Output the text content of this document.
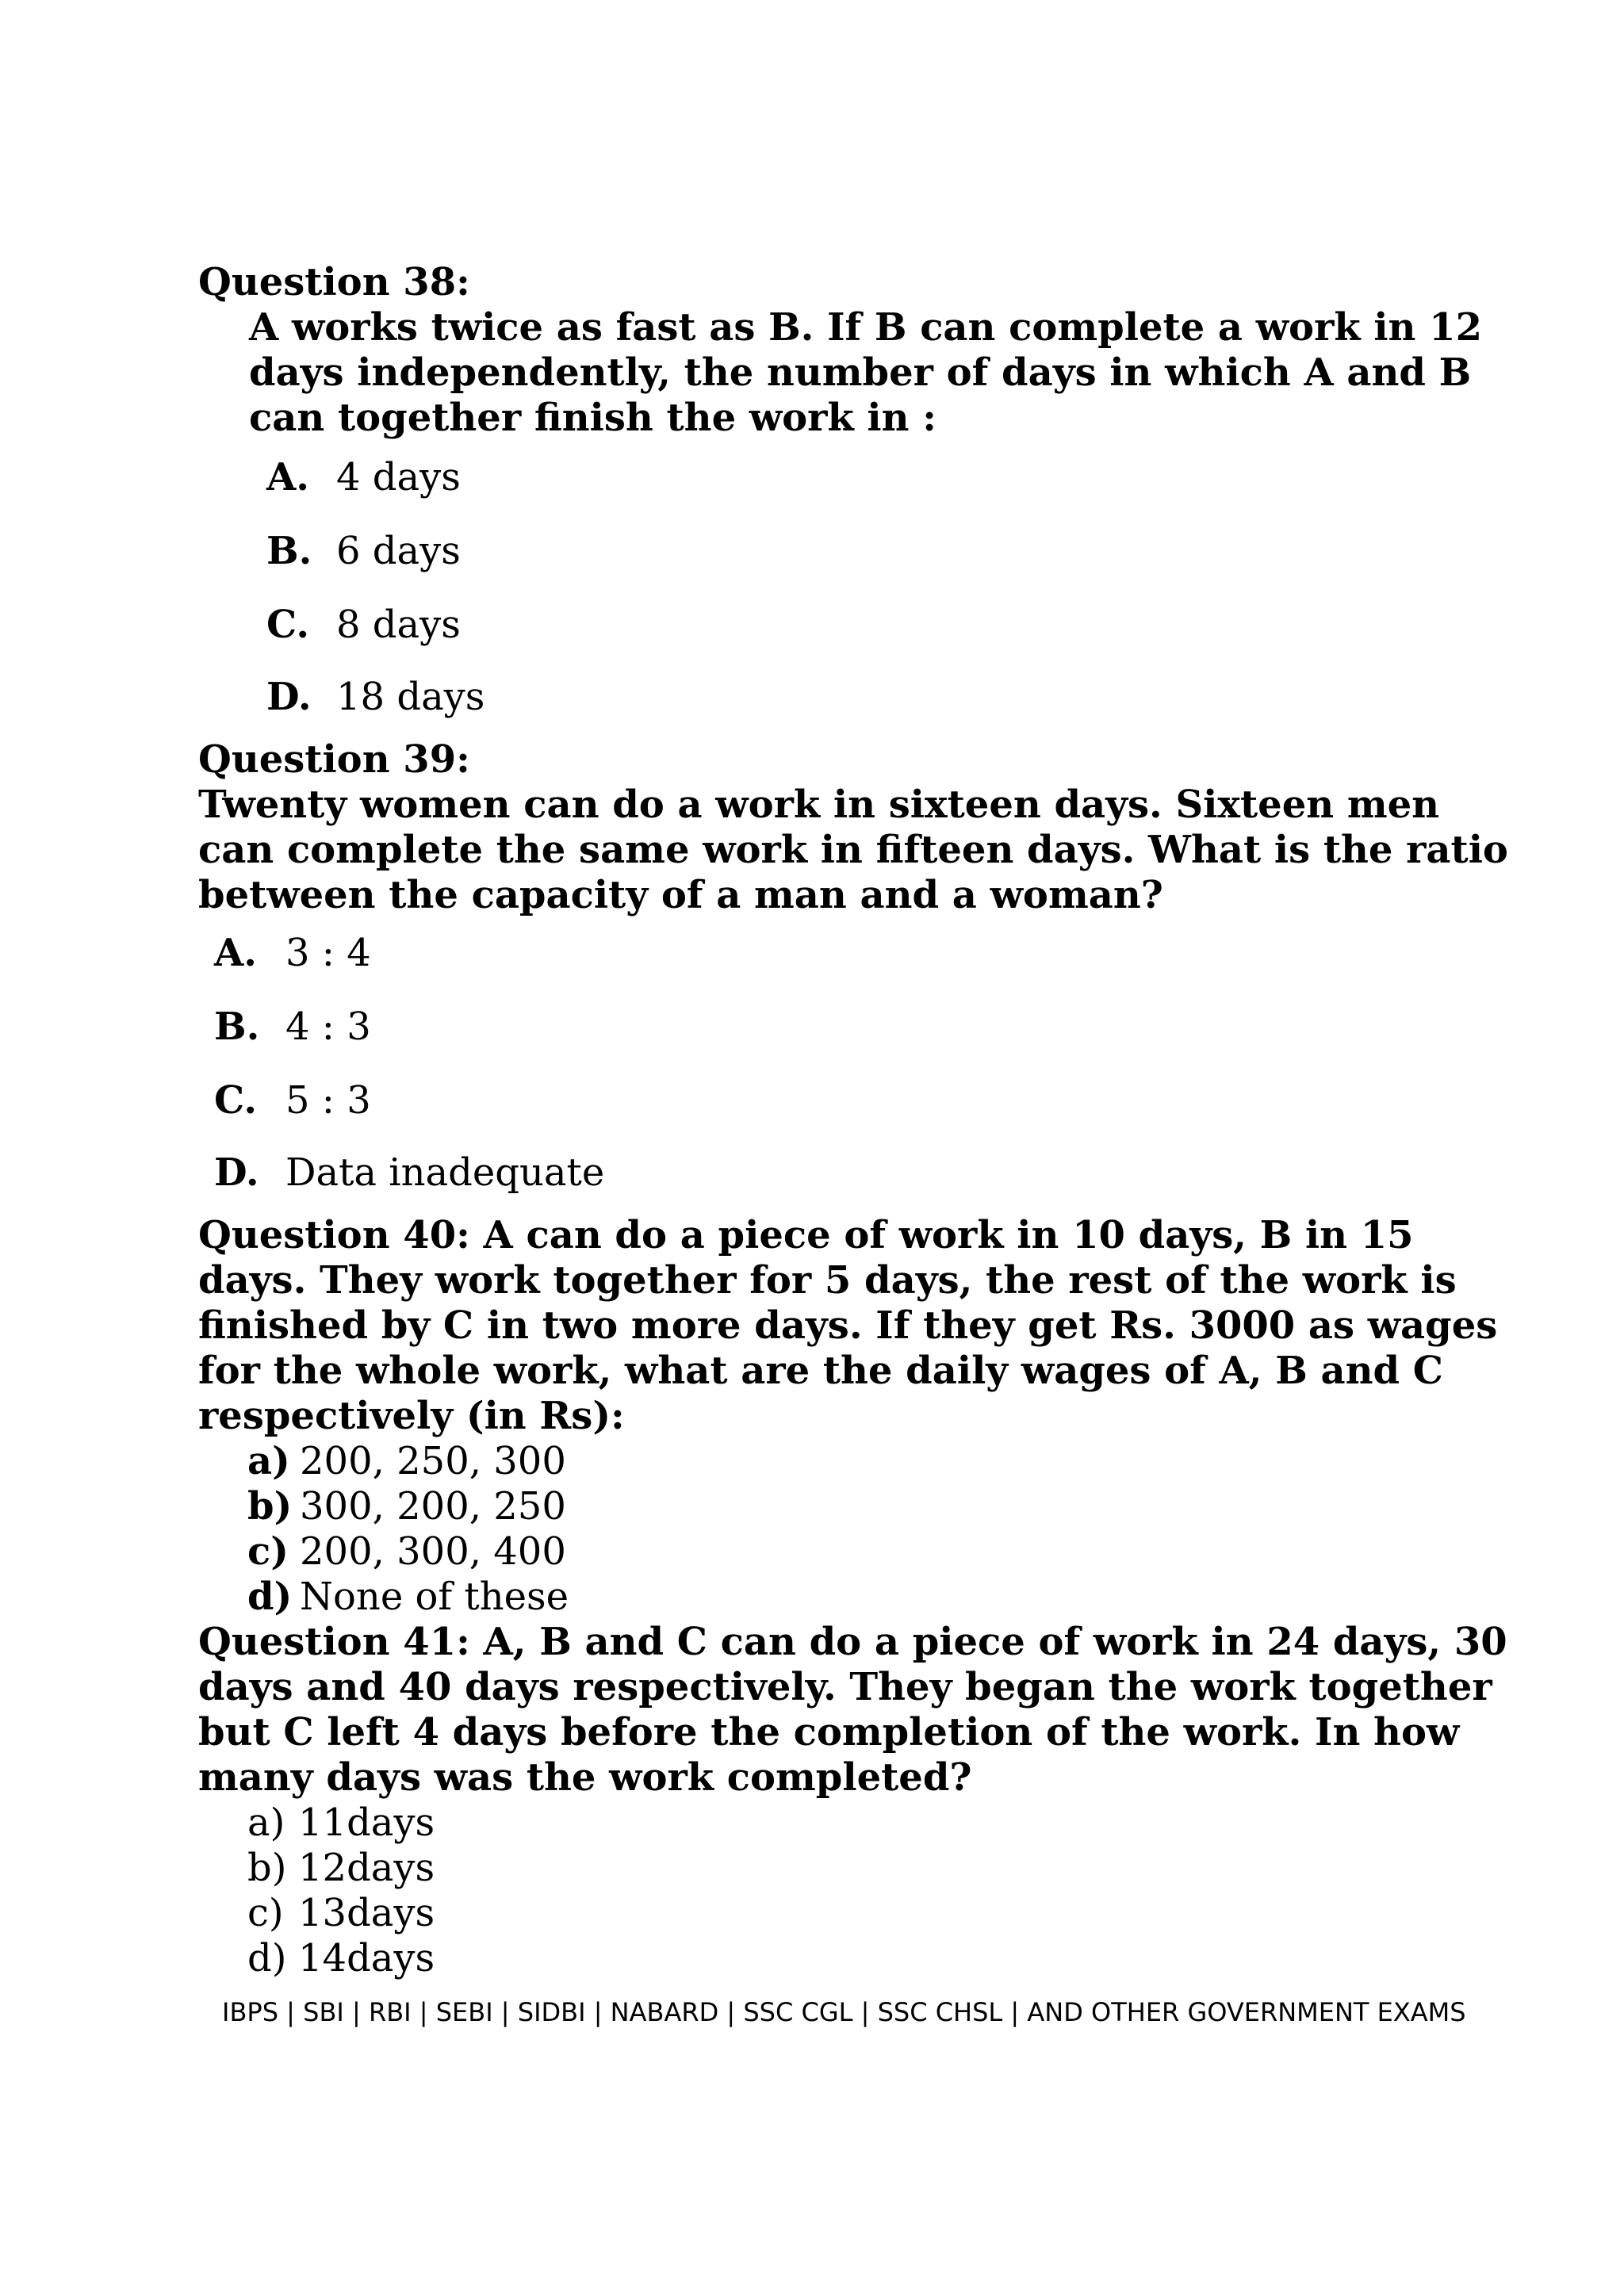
Question 38:
A works twice as fast as B. If B can complete a work in 12
days independently, the number of days in which A and B
can together finish the work in :
A. 4 days
B. 6 days
C. 8 days
D. 18 days
Question 39:
Twenty women can do a work in sixteen days. Sixteen men
can complete the same work in fifteen days. What is the ratio
between the capacity of a man and a woman?
A. 3 : 4
B. 4 : 3
C. 5 : 3
D. Data inadequate
Question 40: A can do a piece of work in 10 days, B in 15
days. They work together for 5 days, the rest of the work is
finished by C in two more days. If they get Rs. 3000 as wages
for the whole work, what are the daily wages of A, B and C
respectively (in Rs):
a) 200, 250, 300
b) 300, 200, 250
c) 200, 300, 400
d) None of these
Question 41: A, B and C can do a piece of work in 24 days, 30
days and 40 days respectively. They began the work together
but C left 4 days before the completion of the work. In how
many days was the work completed?
a) 11days
b) 12days
c) 13days
d) 14days
IBPS | SBI | RBI | SEBI | SIDBI | NABARD | SSC CGL | SSC CHSL | AND OTHER GOVERNMENT EXAMS
